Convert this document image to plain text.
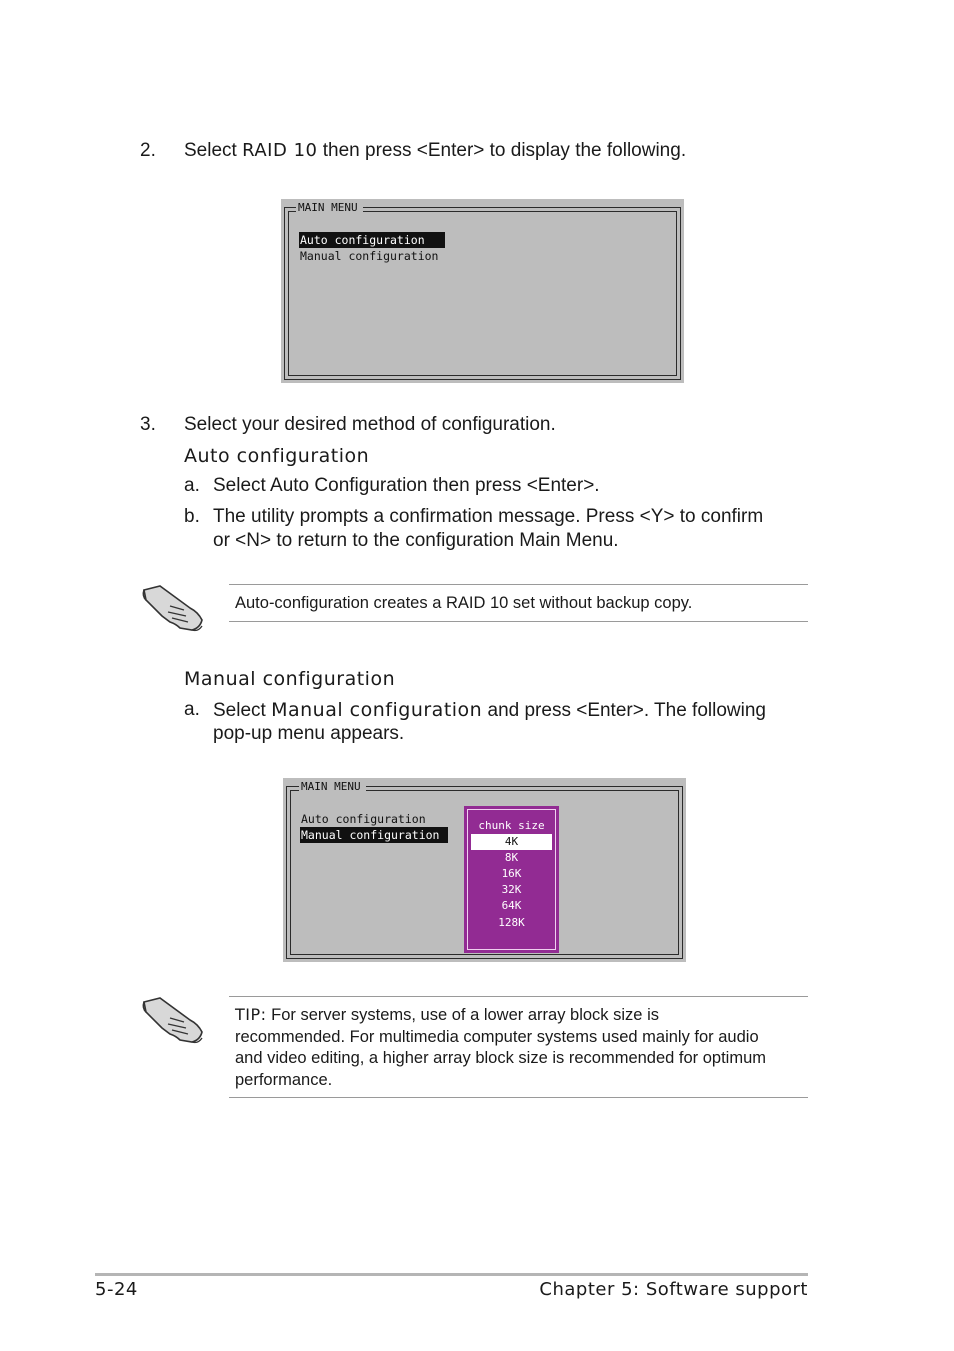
2. Select RAID 10 then press <Enter> to display the following.
MAIN MENU
Auto configuration
Manual configuration
3. Select your desired method of configuration.
Auto configuration
a. Select Auto Configuration then press <Enter>.
b. The utility prompts a confirmation message. Press <Y> to confirm
or <N> to return to the configuration Main Menu.
Auto-configuration creates a RAID 10 set without backup copy.
Manual configuration
a. Select Manual configuration and press <Enter>. The following
pop-up menu appears.
MAIN MENU
Auto configuration
Manual configuration
chunk size
4K
8K
16K
32K
64K
128K
TIP: For server systems, use of a lower array block size is
recommended. For multimedia computer systems used mainly for audio
and video editing, a higher array block size is recommended for optimum
performance.
5-24	Chapter 5: Software support
